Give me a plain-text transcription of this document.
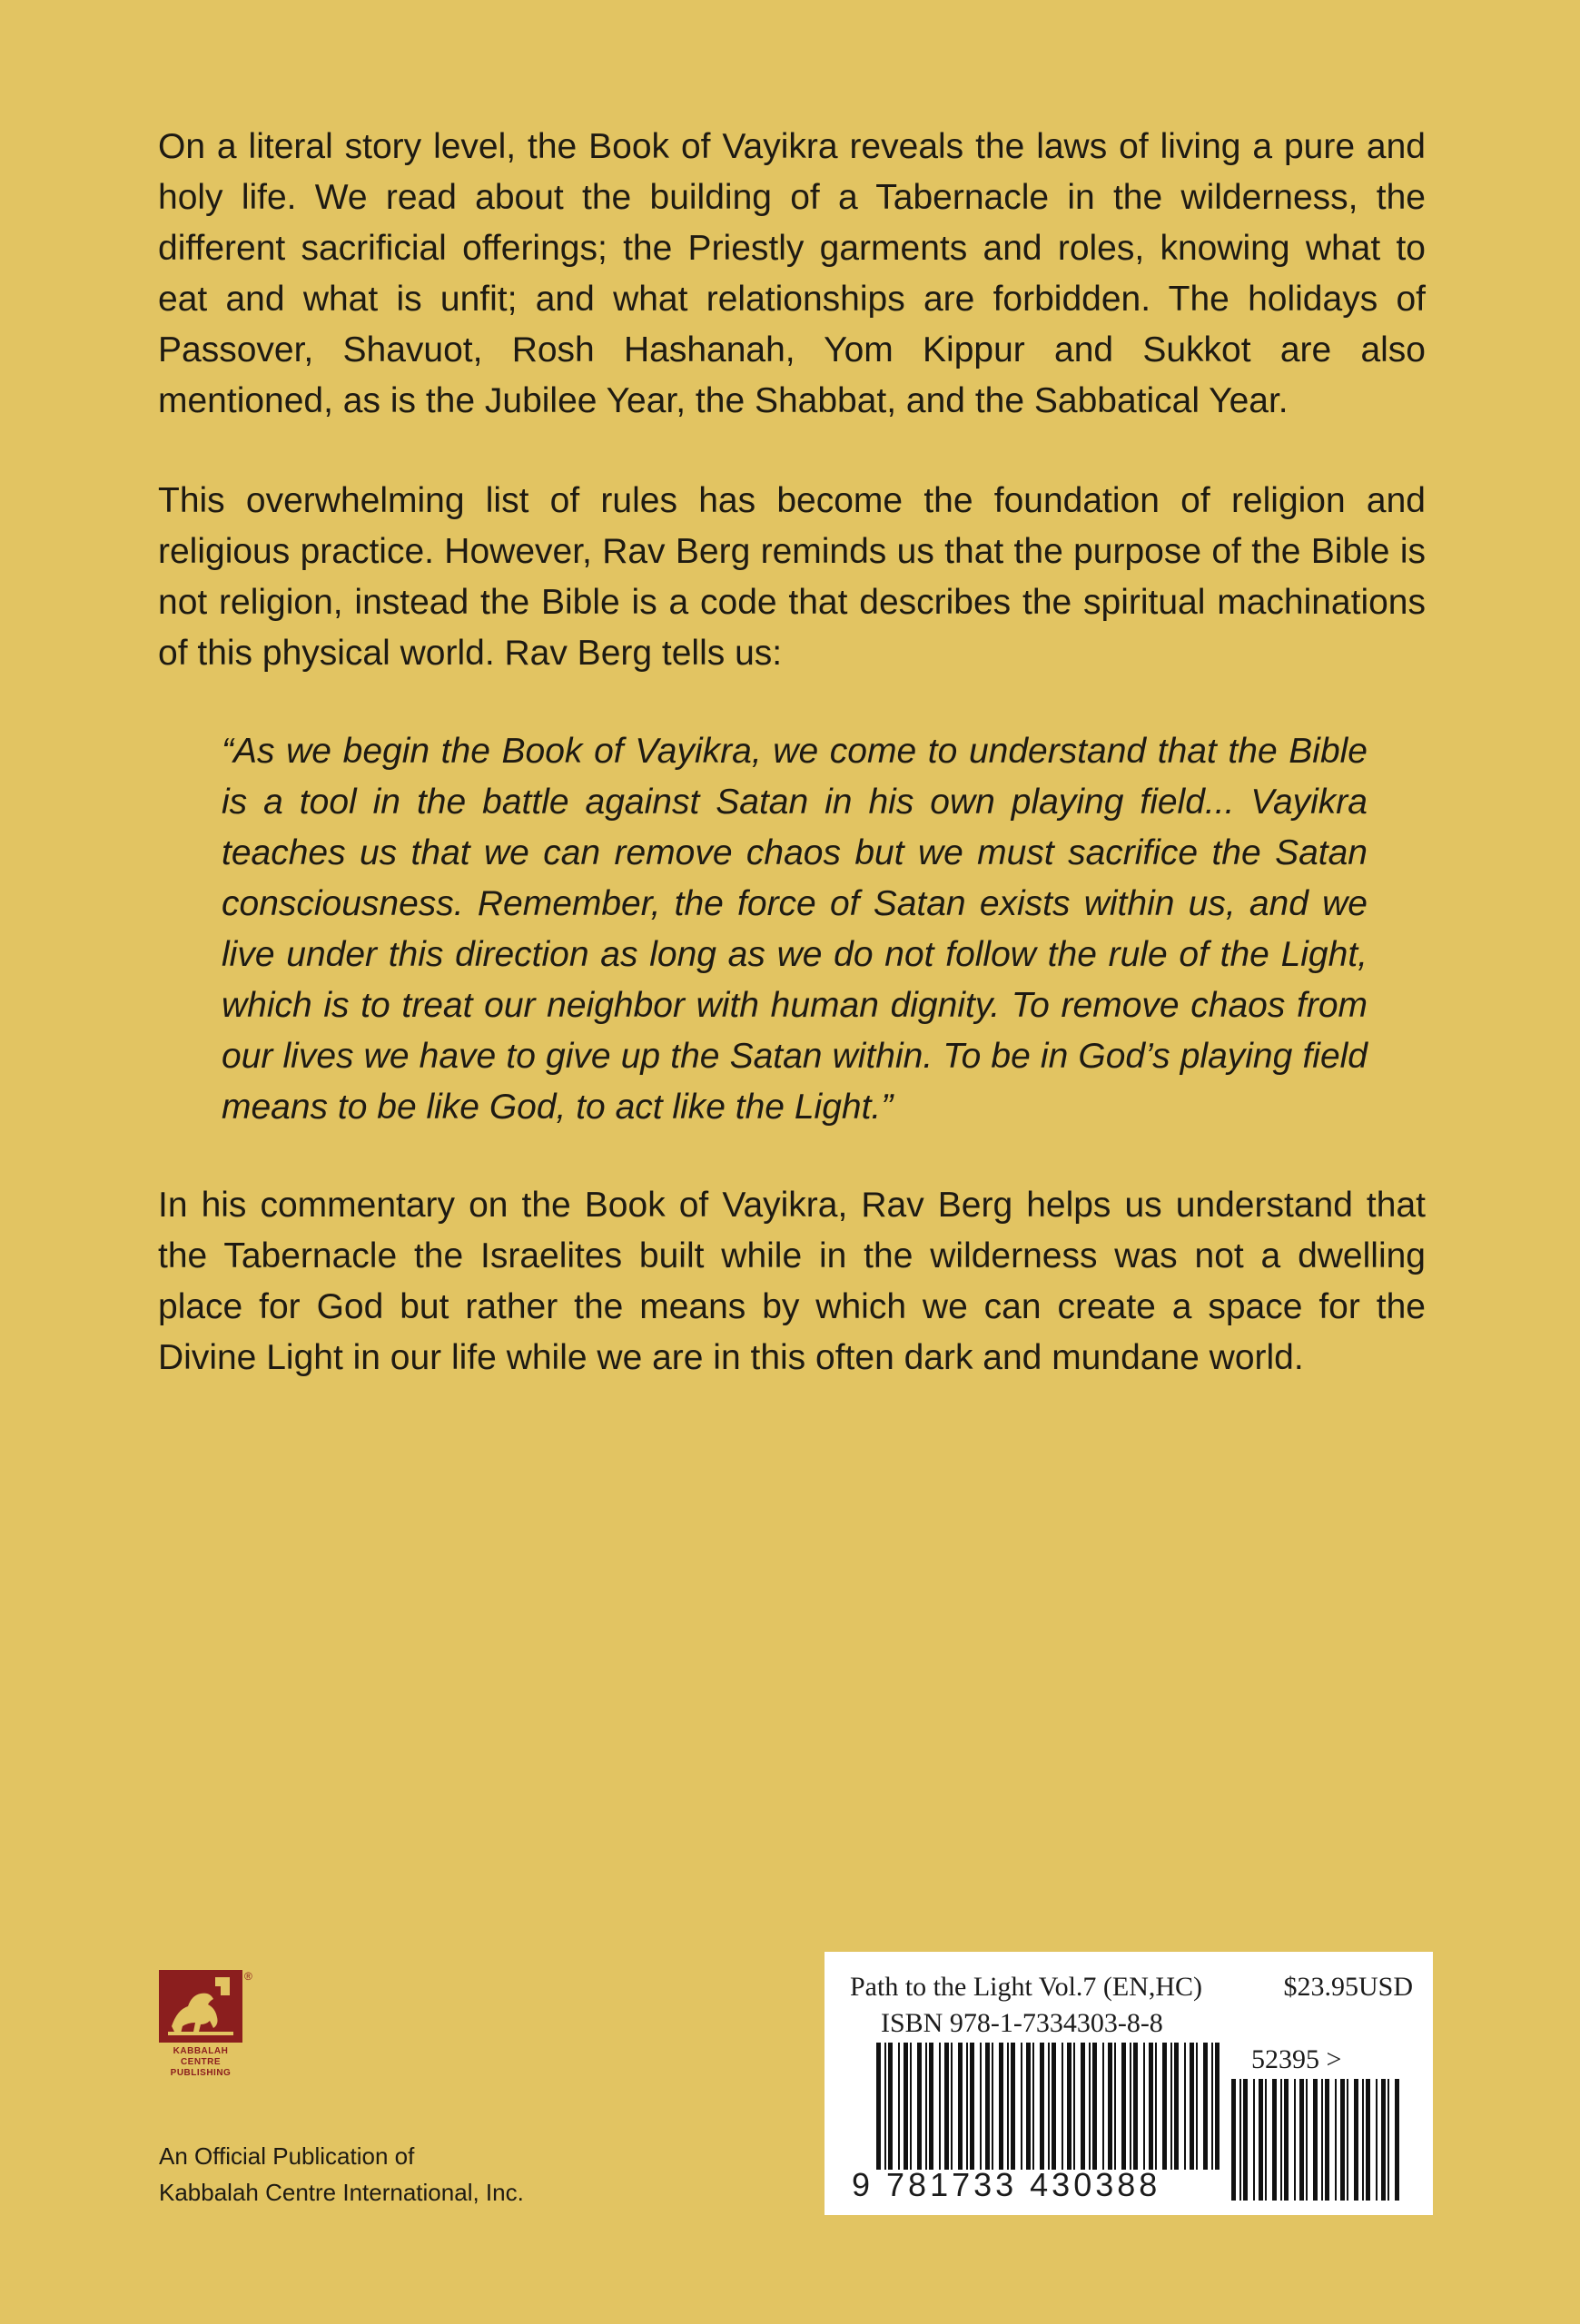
On a literal story level, the Book of Vayikra reveals the laws of living a pure and holy life. We read about the building of a Tabernacle in the wilderness, the different sacrificial offerings; the Priestly garments and roles, knowing what to eat and what is unfit; and what relationships are forbidden. The holidays of Passover, Shavuot, Rosh Hashanah, Yom Kippur and Sukkot are also mentioned, as is the Jubilee Year, the Shabbat, and the Sabbatical Year.

This overwhelming list of rules has become the foundation of religion and religious practice. However, Rav Berg reminds us that the purpose of the Bible is not religion, instead the Bible is a code that describes the spiritual machinations of this physical world. Rav Berg tells us:

“As we begin the Book of Vayikra, we come to understand that the Bible is a tool in the battle against Satan in his own playing field... Vayikra teaches us that we can remove chaos but we must sacrifice the Satan consciousness. Remember, the force of Satan exists within us, and we live under this direction as long as we do not follow the rule of the Light, which is to treat our neighbor with human dignity. To remove chaos from our lives we have to give up the Satan within. To be in God’s playing field means to be like God, to act like the Light.”

In his commentary on the Book of Vayikra, Rav Berg helps us understand that the Tabernacle the Israelites built while in the wilderness was not a dwelling place for God but rather the means by which we can create a space for the Divine Light in our life while we are in this often dark and mundane world.

®
KABBALAH
CENTRE
PUBLISHING
An Official Publication of
Kabbalah Centre International, Inc.
Path to the Light Vol.7 (EN,HC)	$23.95USD
ISBN 978-1-7334303-8-8
52395 >
9 781733 430388
